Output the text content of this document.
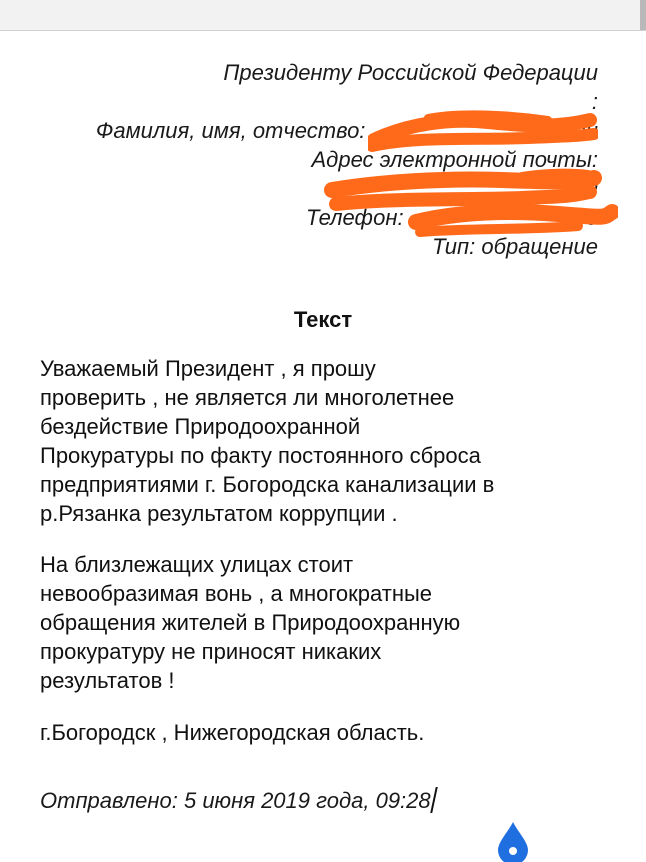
Президенту Российской Федерации
:
Фамилия, имя, отчество:	нон
Адрес электронной почты:
l
Телефон:	0
Тип: обращение
Текст
Уважаемый Президент , я прошу
проверить , не является ли многолетнее
бездействие Природоохранной
Прокуратуры по факту постоянного сброса
предприятиями г. Богородска канализации в
р.Рязанка результатом коррупции .
На близлежащих улицах стоит
невообразимая вонь , а многократные
обращения жителей в Природоохранную
прокуратуру не приносят никаких
результатов !
г.Богородск , Нижегородская область.
Отправлено: 5 июня 2019 года, 09:28
